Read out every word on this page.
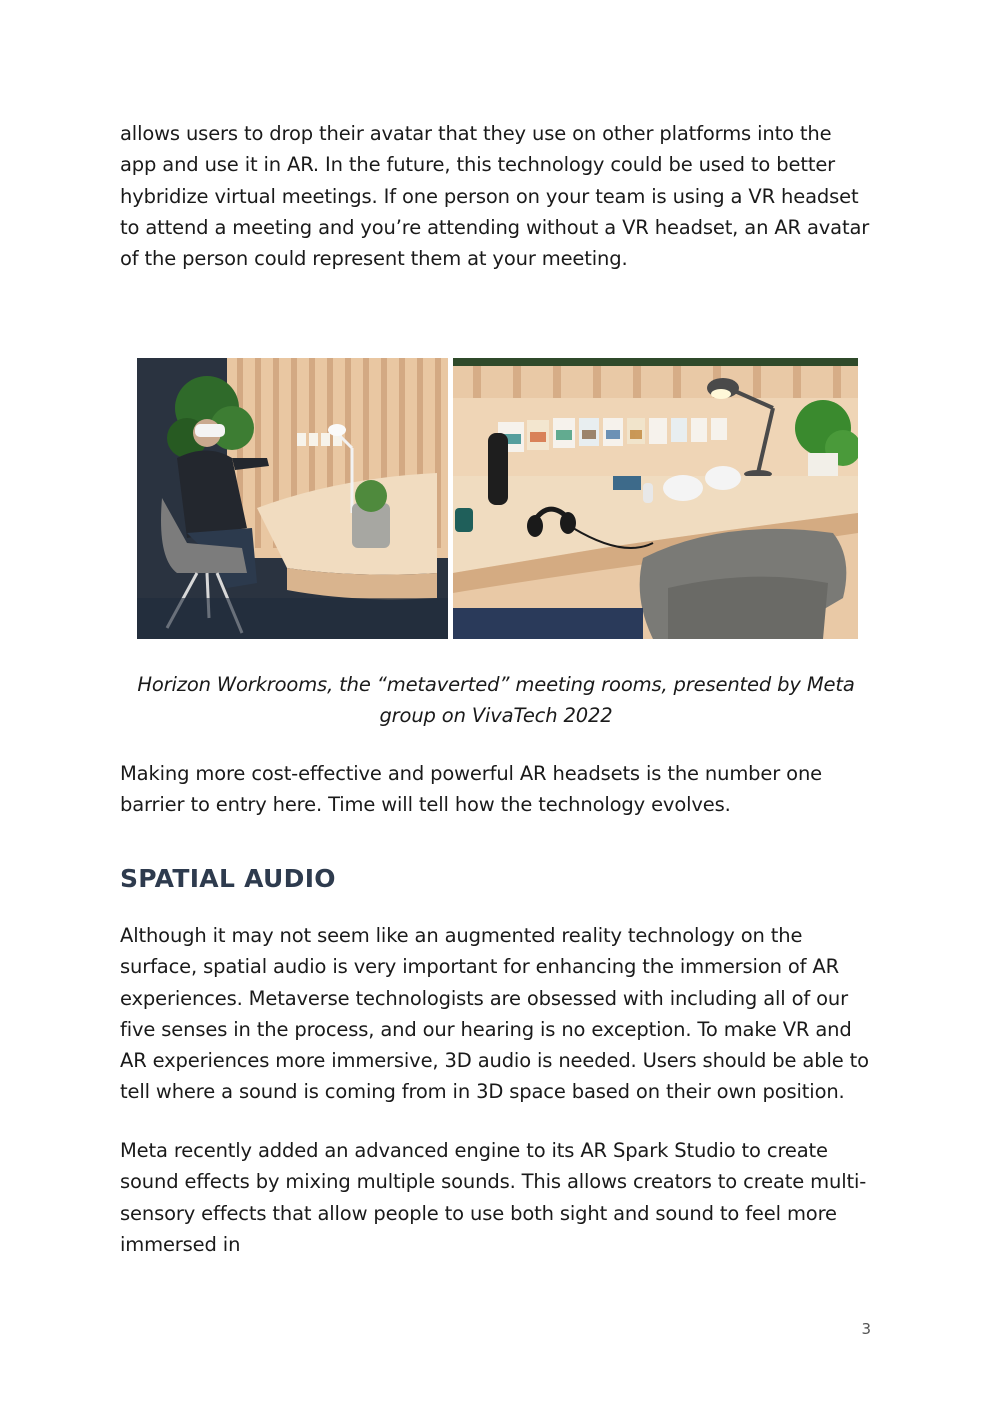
allows users to drop their avatar that they use on other platforms into the app and use it in AR. In the future, this technology could be used to better hybridize virtual meetings. If one person on your team is using a VR headset to attend a meeting and you’re attending without a VR headset, an AR avatar of the person could represent them at your meeting.

Horizon Workrooms, the “metaverted” meeting rooms, presented by Meta group on VivaTech 2022

Making more cost-effective and powerful AR headsets is the number one barrier to entry here. Time will tell how the technology evolves.

SPATIAL AUDIO

Although it may not seem like an augmented reality technology on the surface, spatial audio is very important for enhancing the immersion of AR experiences. Metaverse technologists are obsessed with including all of our five senses in the process, and our hearing is no exception. To make VR and AR experiences more immersive, 3D audio is needed. Users should be able to tell where a sound is coming from in 3D space based on their own position.

Meta recently added an advanced engine to its AR Spark Studio to create sound effects by mixing multiple sounds. This allows creators to create multi-sensory effects that allow people to use both sight and sound to feel more immersed in

3
